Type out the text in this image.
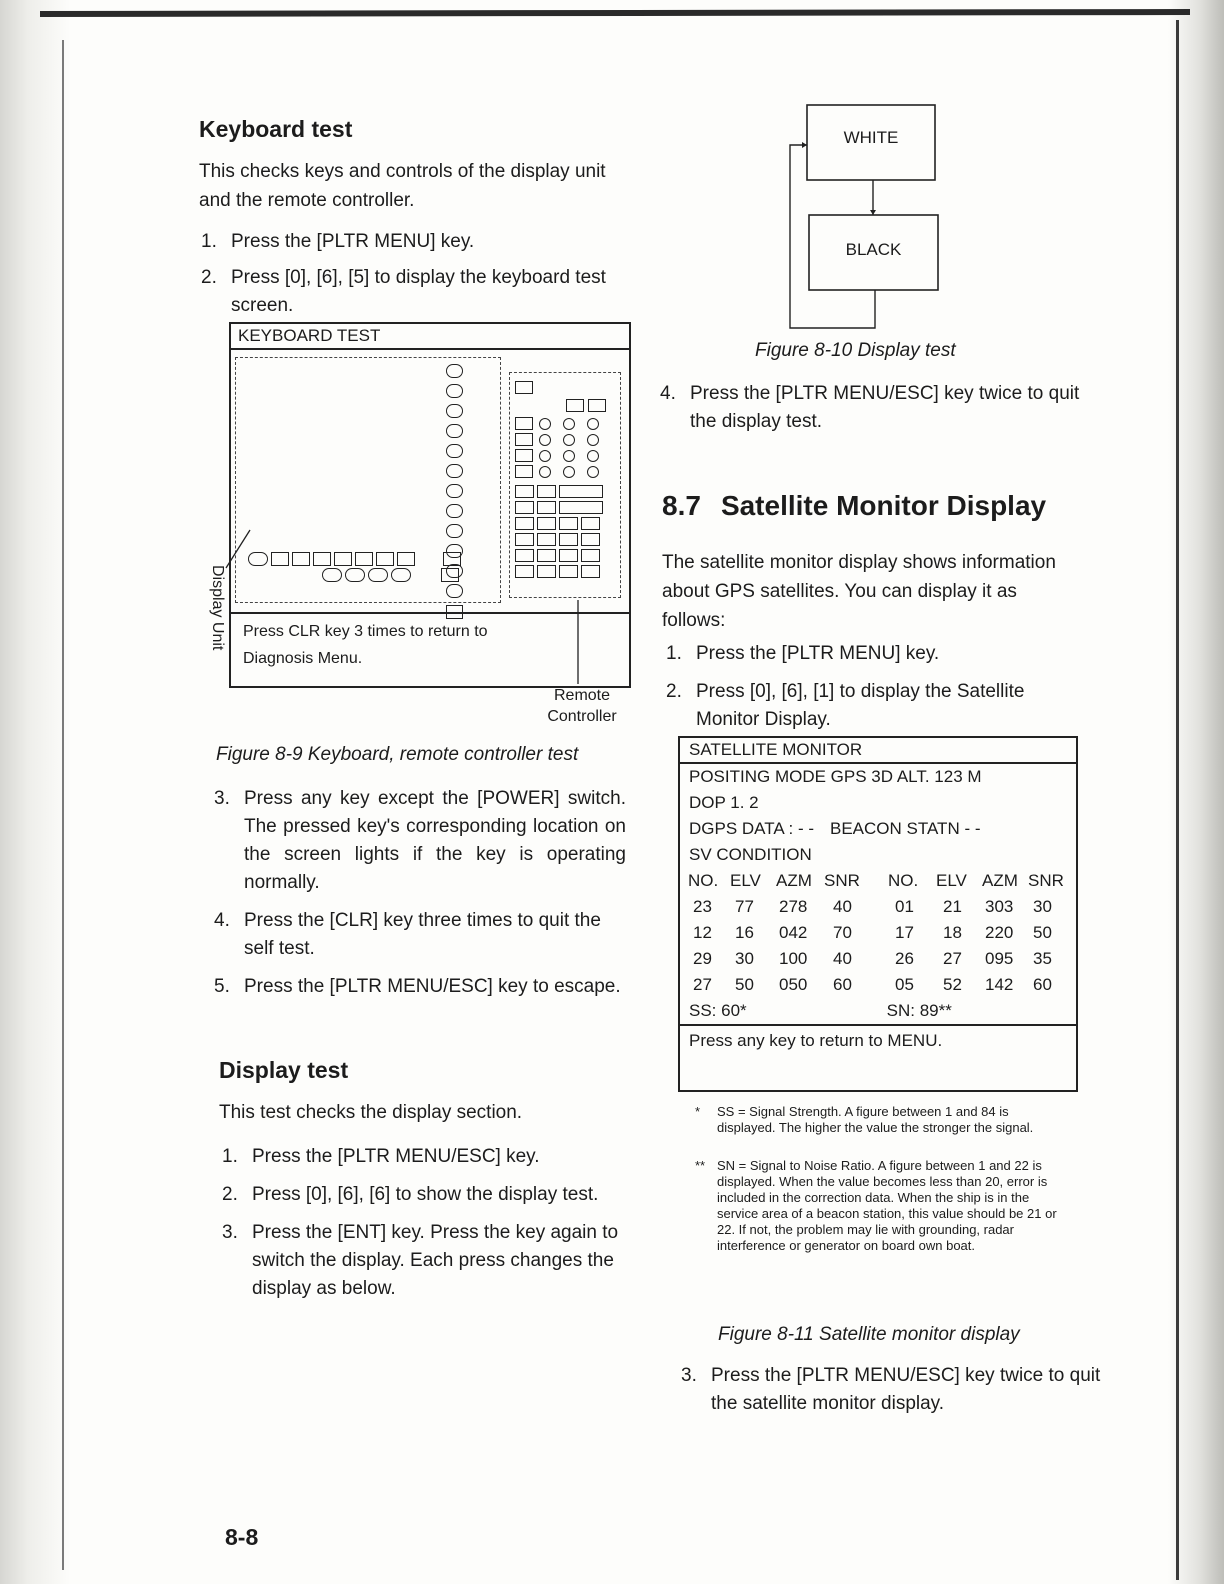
Keyboard test

This checks keys and controls of the display unit and the remote controller.

1. Press the [PLTR MENU] key.
2. Press [0], [6], [5] to display the keyboard test screen.
KEYBOARD TEST

Press CLR key 3 times to return to Diagnosis Menu.
Display Unit
Remote
Controller

Figure 8-9 Keyboard, remote controller test

3. Press any key except the [POWER] switch. The pressed key's corresponding location on the screen lights if the key is operating normally.
4. Press the [CLR] key three times to quit the self test.
5. Press the [PLTR MENU/ESC] key to escape.
Display test

This test checks the display section.

1. Press the [PLTR MENU/ESC] key.
2. Press [0], [6], [6] to show the display test.
3. Press the [ENT] key. Press the key again to switch the display. Each press changes the display as below.
8-8
WHITE
BLACK

Figure 8-10 Display test

4. Press the [PLTR MENU/ESC] key twice to quit the display test.
8.7 Satellite Monitor Display

The satellite monitor display shows information about GPS satellites. You can display it as follows:

1. Press the [PLTR MENU] key.
2. Press [0], [6], [1] to display the Satellite Monitor Display.
SATELLITE MONITOR
POSITING MODE GPS 3D ALT. 123 M
DOP 1. 2
DGPS DATA : - - BEACON STATN - -
SV CONDITION
NO.	ELV	AZM	SNR	NO.	ELV	AZM	SNR
23	77	278	40	01	21	303	30
12	16	042	70	17	18	220	50
29	30	100	40	26	27	095	35
27	50	050	60	05	52	142	60
SS: 60*	SN: 89**
Press any key to return to MENU.
*	SS = Signal Strength. A figure between 1 and 84 is displayed. The higher the value the stronger the signal.
** SN = Signal to Noise Ratio. A figure between 1 and 22 is displayed. When the value becomes less than 20, error is included in the correction data. When the ship is in the service area of a beacon station, this value should be 21 or 22. If not, the problem may lie with grounding, radar interference or generator on board own boat.

Figure 8-11 Satellite monitor display

3. Press the [PLTR MENU/ESC] key twice to quit the satellite monitor display.
